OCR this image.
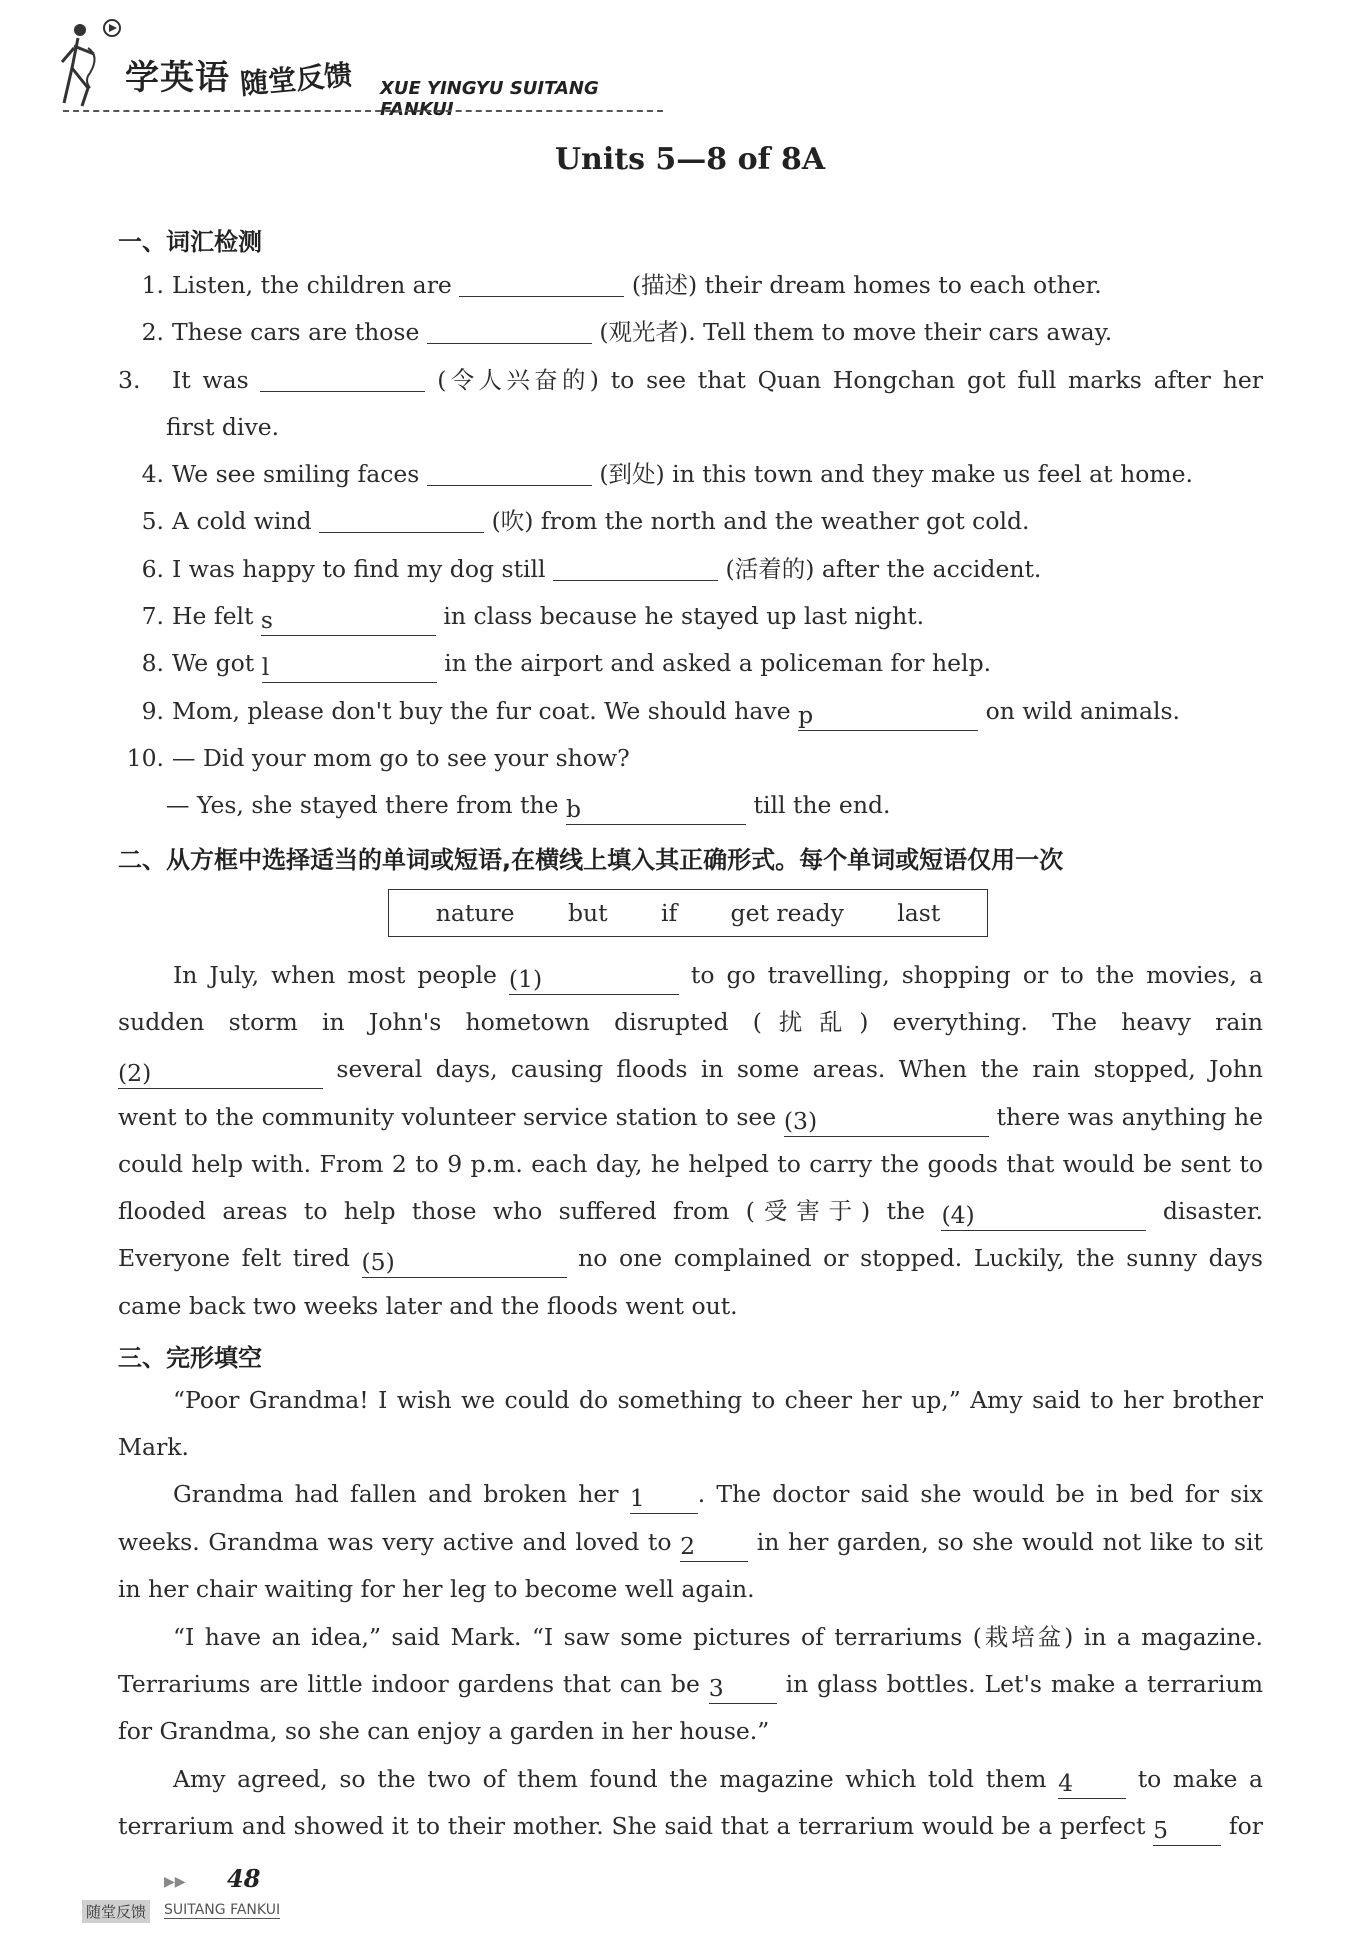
学英语 随堂反馈 XUE YINGYU SUITANG FANKUI
Units 5—8 of 8A
一、词汇检测
1. Listen, the children are	(描述) their dream homes to each other.
2. These cars are those	(观光者). Tell them to move their cars away.
3. It was	(令人兴奋的) to see that Quan Hongchan got full marks after her
first dive.
4. We see smiling faces	(到处) in this town and they make us feel at home.
5. A cold wind	(吹) from the north and the weather got cold.
6. I was happy to find my dog still	(活着的) after the accident.
7. He felt s	in class because he stayed up last night.
8. We got l	in the airport and asked a policeman for help.
9. Mom, please don't buy the fur coat. We should have p	on wild animals.
10. — Did your mom go to see your show?
— Yes, she stayed there from the b	till the end.
二、从方框中选择适当的单词或短语,在横线上填入其正确形式。每个单词或短语仅用一次
nature but if get ready last
In July, when most people (1)	to go travelling, shopping or to the movies, a
sudden storm in John's hometown disrupted (扰乱) everything. The heavy rain
(2)	several days, causing floods in some areas. When the rain stopped, John
went to the community volunteer service station to see (3)	there was anything he
could help with. From 2 to 9 p.m. each day, he helped to carry the goods that would be sent to
flooded areas to help those who suffered from (受害于) the (4)	disaster.
Everyone felt tired (5)	no one complained or stopped. Luckily, the sunny days
came back two weeks later and the floods went out.
三、完形填空
“Poor Grandma! I wish we could do something to cheer her up,” Amy said to her brother
Mark.
Grandma had fallen and broken her 1 . The doctor said she would be in bed for six
weeks. Grandma was very active and loved to 2	in her garden, so she would not like to sit
in her chair waiting for her leg to become well again.
“I have an idea,” said Mark. “I saw some pictures of terrariums (栽培盆) in a magazine.
Terrariums are little indoor gardens that can be 3	in glass bottles. Let's make a terrarium
for Grandma, so she can enjoy a garden in her house.”
Amy agreed, so the two of them found the magazine which told them 4	to make a
terrarium and showed it to their mother. She said that a terrarium would be a perfect 5	for
▶▶ 48
随堂反馈 SUITANG FANKUI
